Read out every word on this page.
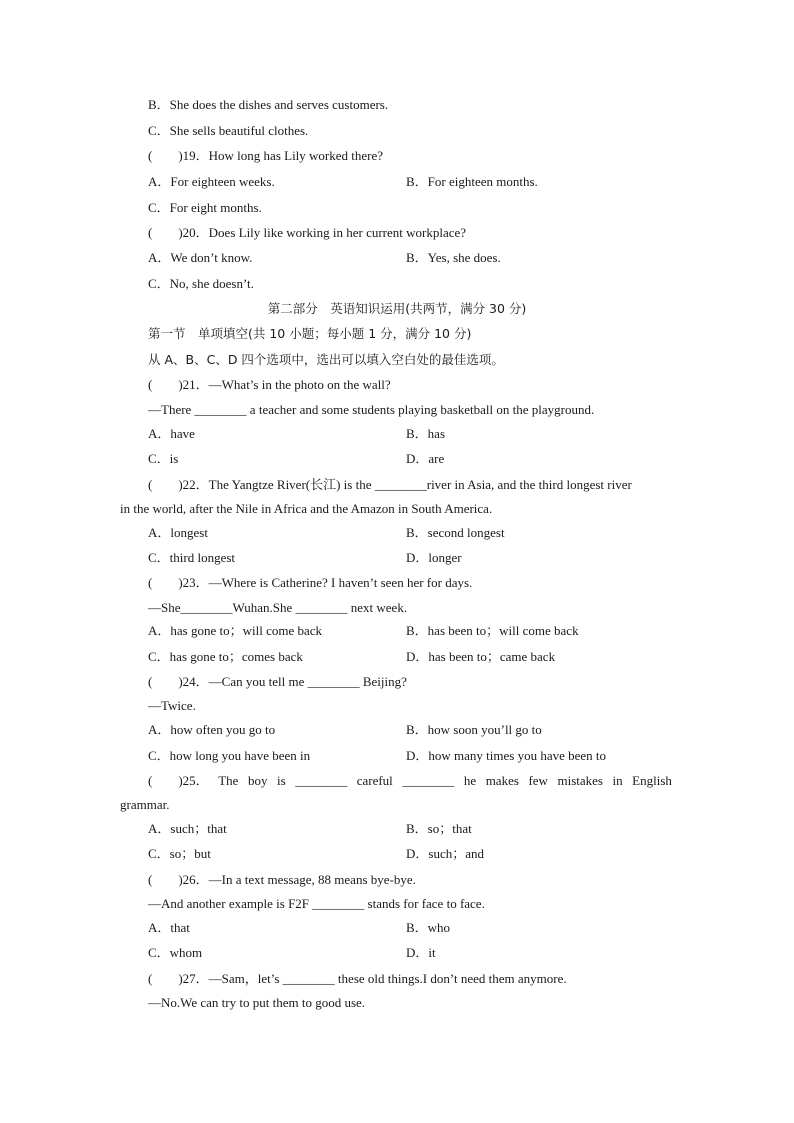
B．She does the dishes and serves customers.
C．She sells beautiful clothes.
(　　)19．How long has Lily worked there?
A．For eighteen weeks.	B．For eighteen months.
C．For eight months.
(　　)20．Does Lily like working in her current workplace?
A．We don’t know.	B．Yes, she does.
C．No, she doesn’t.
第二部分　英语知识运用(共两节，满分 30 分)
第一节　单项填空(共 10 小题；每小题 1 分，满分 10 分)
从 A、B、C、D 四个选项中，选出可以填入空白处的最佳选项。
(　　)21．—What’s in the photo on the wall?
—There ________ a teacher and some students playing basketball on the playground.
A．have	B．has
C．is	D．are
(　　)22．The Yangtze River(长江) is the ________river in Asia, and the third longest river
in the world, after the Nile in Africa and the Amazon in South America.
A．longest	B．second longest
C．third longest	D．longer
(　　)23．—Where is Catherine? I haven’t seen her for days.
—She________Wuhan.She ________ next week.
A．has gone to；will come back	B．has been to；will come back
C．has gone to；comes back	D．has been to；came back
(　　)24．—Can you tell me ________ Beijing?
—Twice.
A．how often you go to	B．how soon you’ll go to
C．how long you have been in	D．how many times you have been to
grammar.
A．such；that	B．so；that
C．so；but	D．such；and
(　　)26．—In a text message, 88 means bye-bye.
—And another example is F2F ________ stands for face to face.
A．that	B．who
C．whom	D．it
(　　)27．—Sam，let’s ________ these old things.I don’t need them anymore.
—No.We can try to put them to good use.
(　　)25． The boy is ________ careful ________ he makes few mistakes in English
